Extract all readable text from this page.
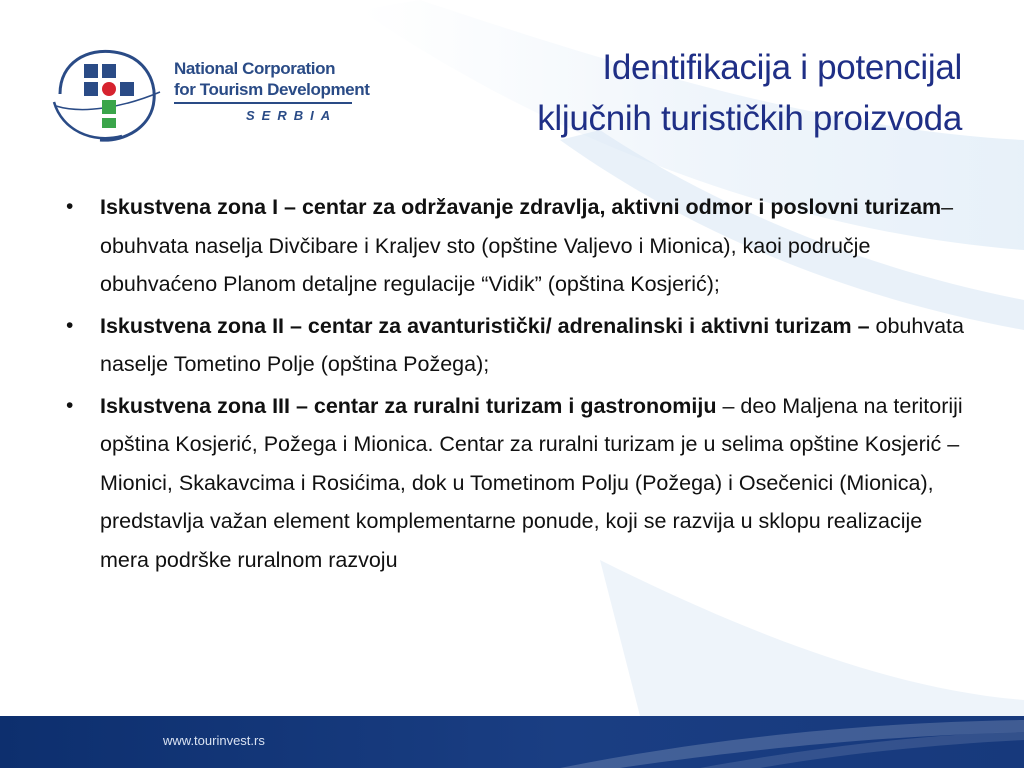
National Corporation
for Tourism Development
SERBIA
Identifikacija i potencijal
ključnih turističkih proizvoda
• Iskustvena zona I – centar za održavanje zdravlja, aktivni odmor i poslovni turizam– obuhvata naselja Divčibare i Kraljev sto (opštine Valjevo i Mionica), kaoi područje obuhvaćeno Planom detaljne regulacije “Vidik” (opština Kosjerić);
• Iskustvena zona II – centar za avanturistički/ adrenalinski i aktivni turizam – obuhvata naselje Tometino Polje (opština Požega);
• Iskustvena zona III – centar za ruralni turizam i gastronomiju – deo Maljena na teritoriji opština Kosjerić, Požega i Mionica. Centar za ruralni turizam je u selima opštine Kosjerić – Mionici, Skakavcima i Rosićima, dok u Tometinom Polju (Požega) i Osečenici (Mionica), predstavlja važan element komplementarne ponude, koji se razvija u sklopu realizacije mera podrške ruralnom razvoju
www.tourinvest.rs
